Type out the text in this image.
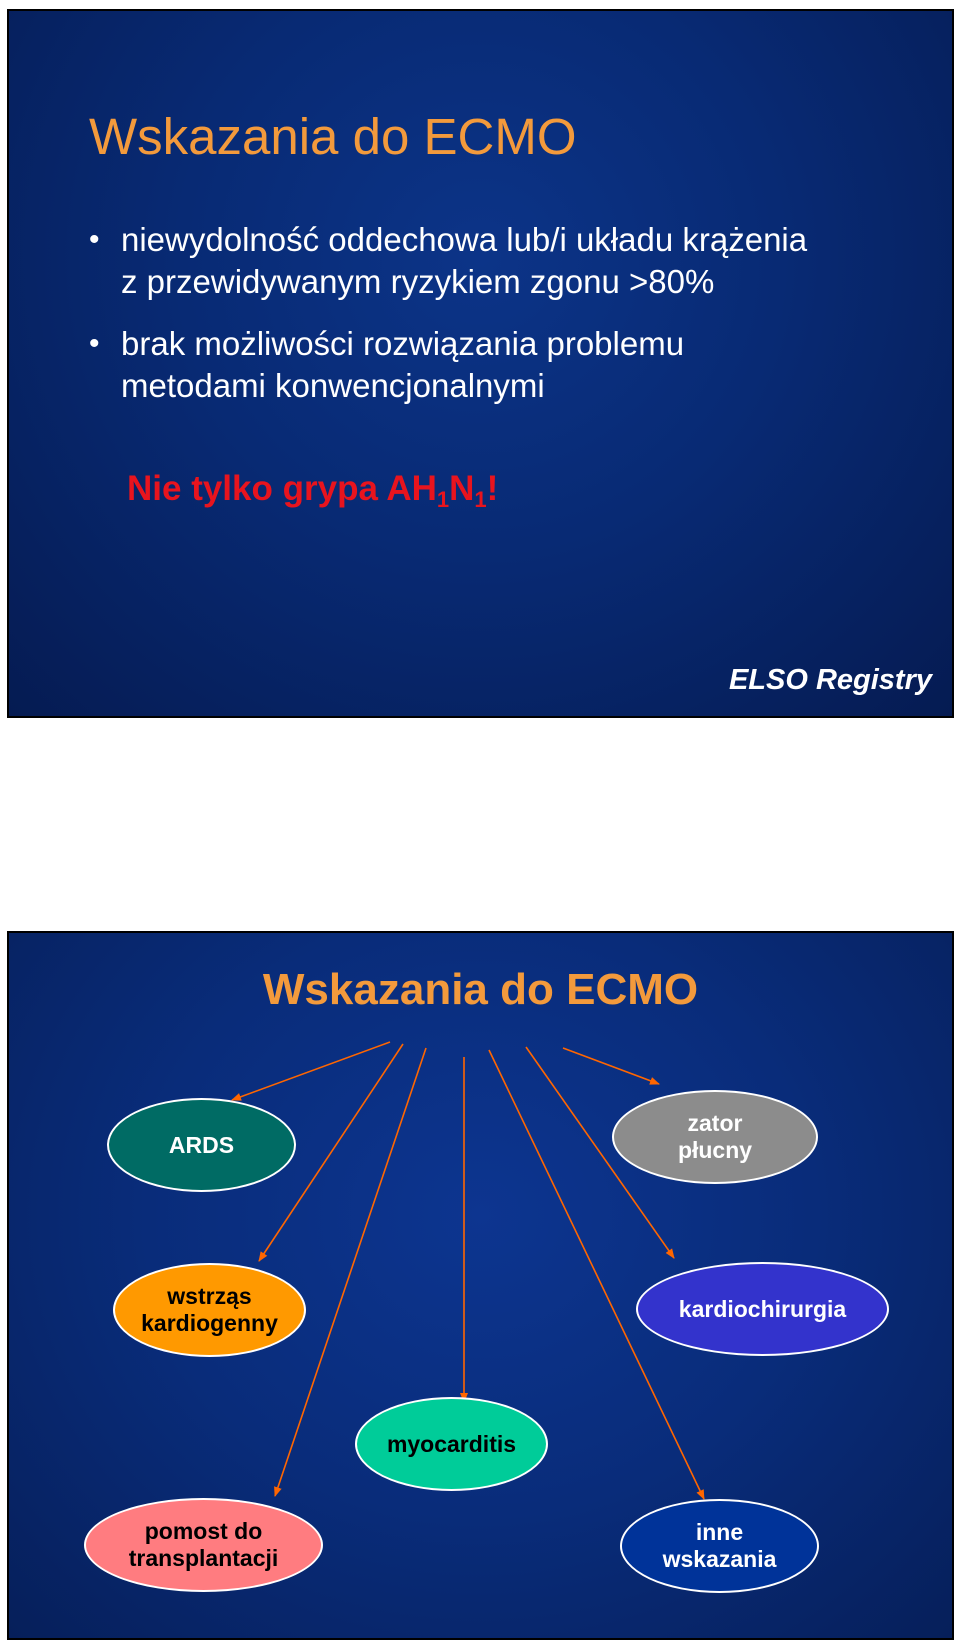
Wskazania do ECMO
• niewydolność oddechowa lub/i układu krążenia
z przewidywanym ryzykiem zgonu >80%
• brak możliwości rozwiązania problemu
metodami konwencjonalnymi
Nie tylko grypa $AH_1N_1$!
ELSO Registry
Wskazania do ECMO
ARDS
zator
płucny
wstrząs
kardiogenny
kardiochirurgia
myocarditis
pomost do
transplantacji
inne
wskazania
